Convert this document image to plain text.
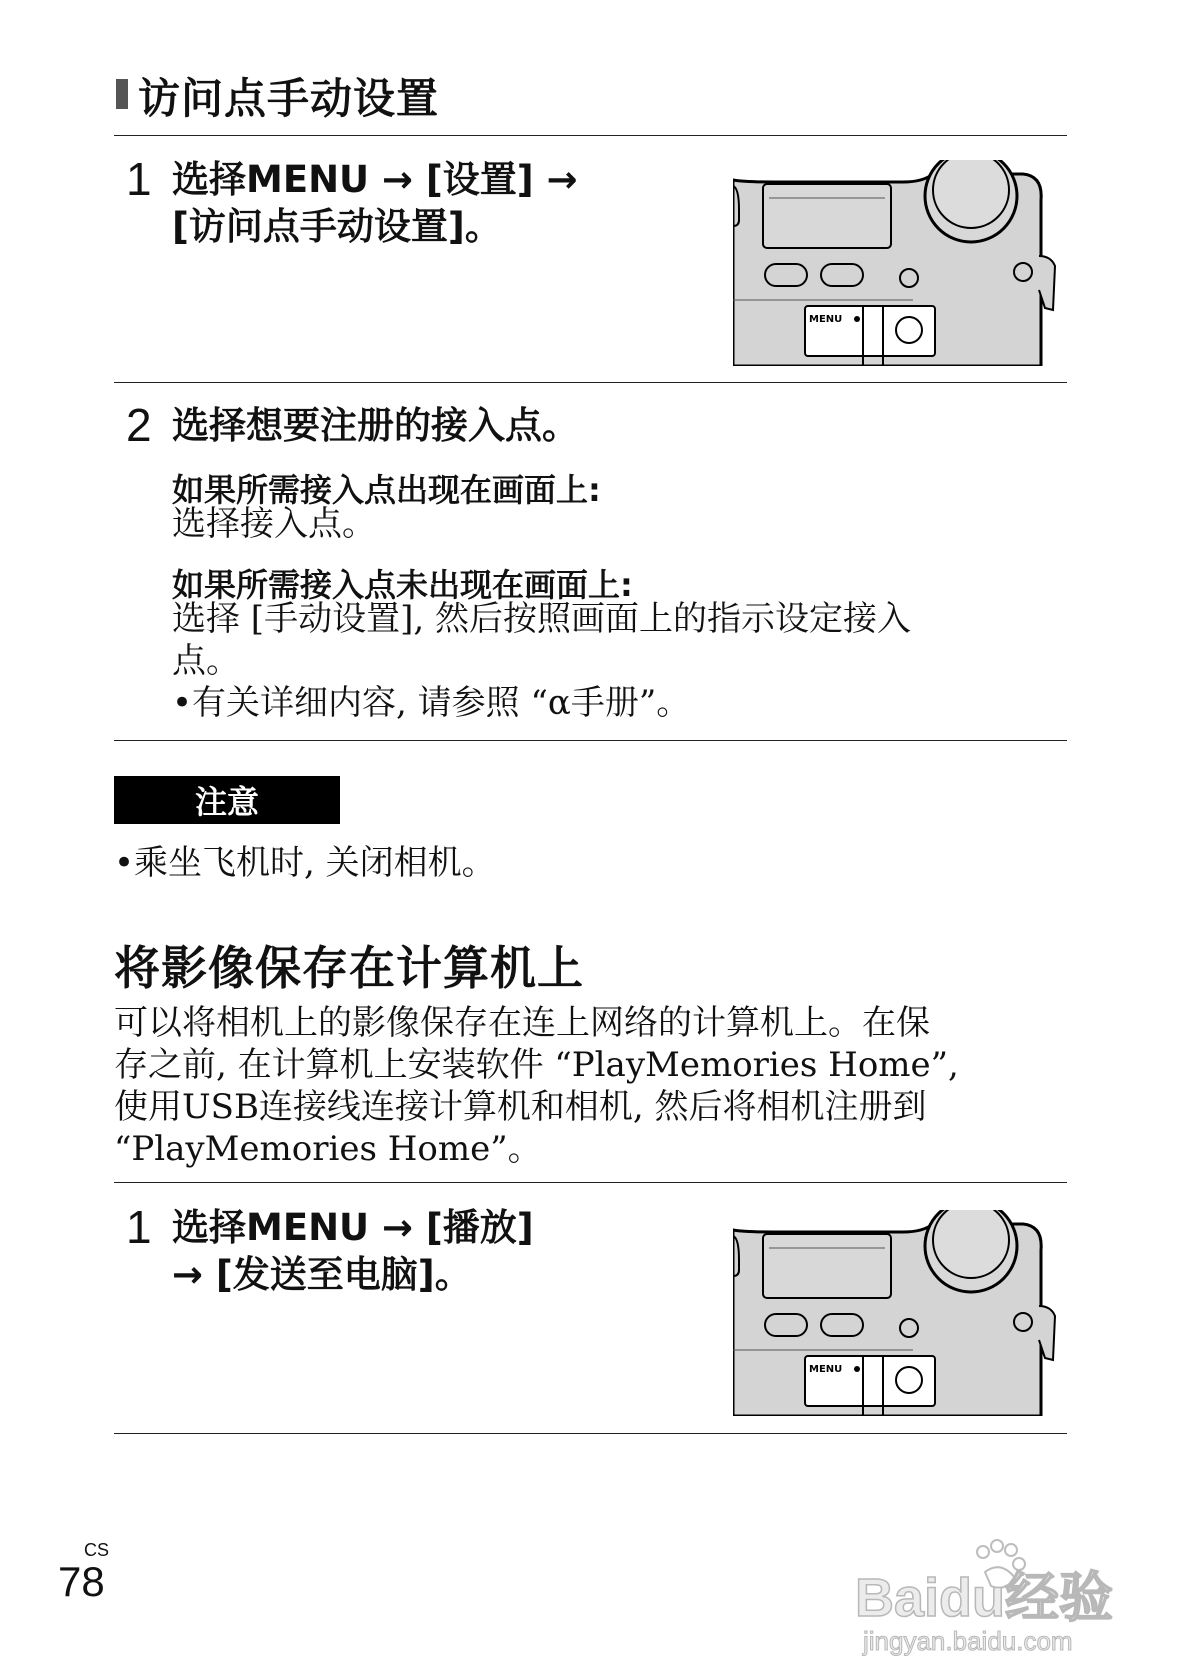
访问点手动设置
1 选择MENU → [设置] → [访问点手动设置]。
MENU
2 选择想要注册的接入点。
如果所需接入点出现在画面上:
选择接入点。
如果所需接入点未出现在画面上:
选择 [手动设置], 然后按照画面上的指示设定接入
点。
•有关详细内容, 请参照 “α手册”。
注意
•乘坐飞机时, 关闭相机。
将影像保存在计算机上
可以将相机上的影像保存在连上网络的计算机上。在保
存之前, 在计算机上安装软件 “PlayMemories Home”,
使用USB连接线连接计算机和相机, 然后将相机注册到
“PlayMemories Home”。
1 选择MENU → [播放]
→ [发送至电脑]。
MENU
CS
78	Baidu经验
jingyan.baidu.com
